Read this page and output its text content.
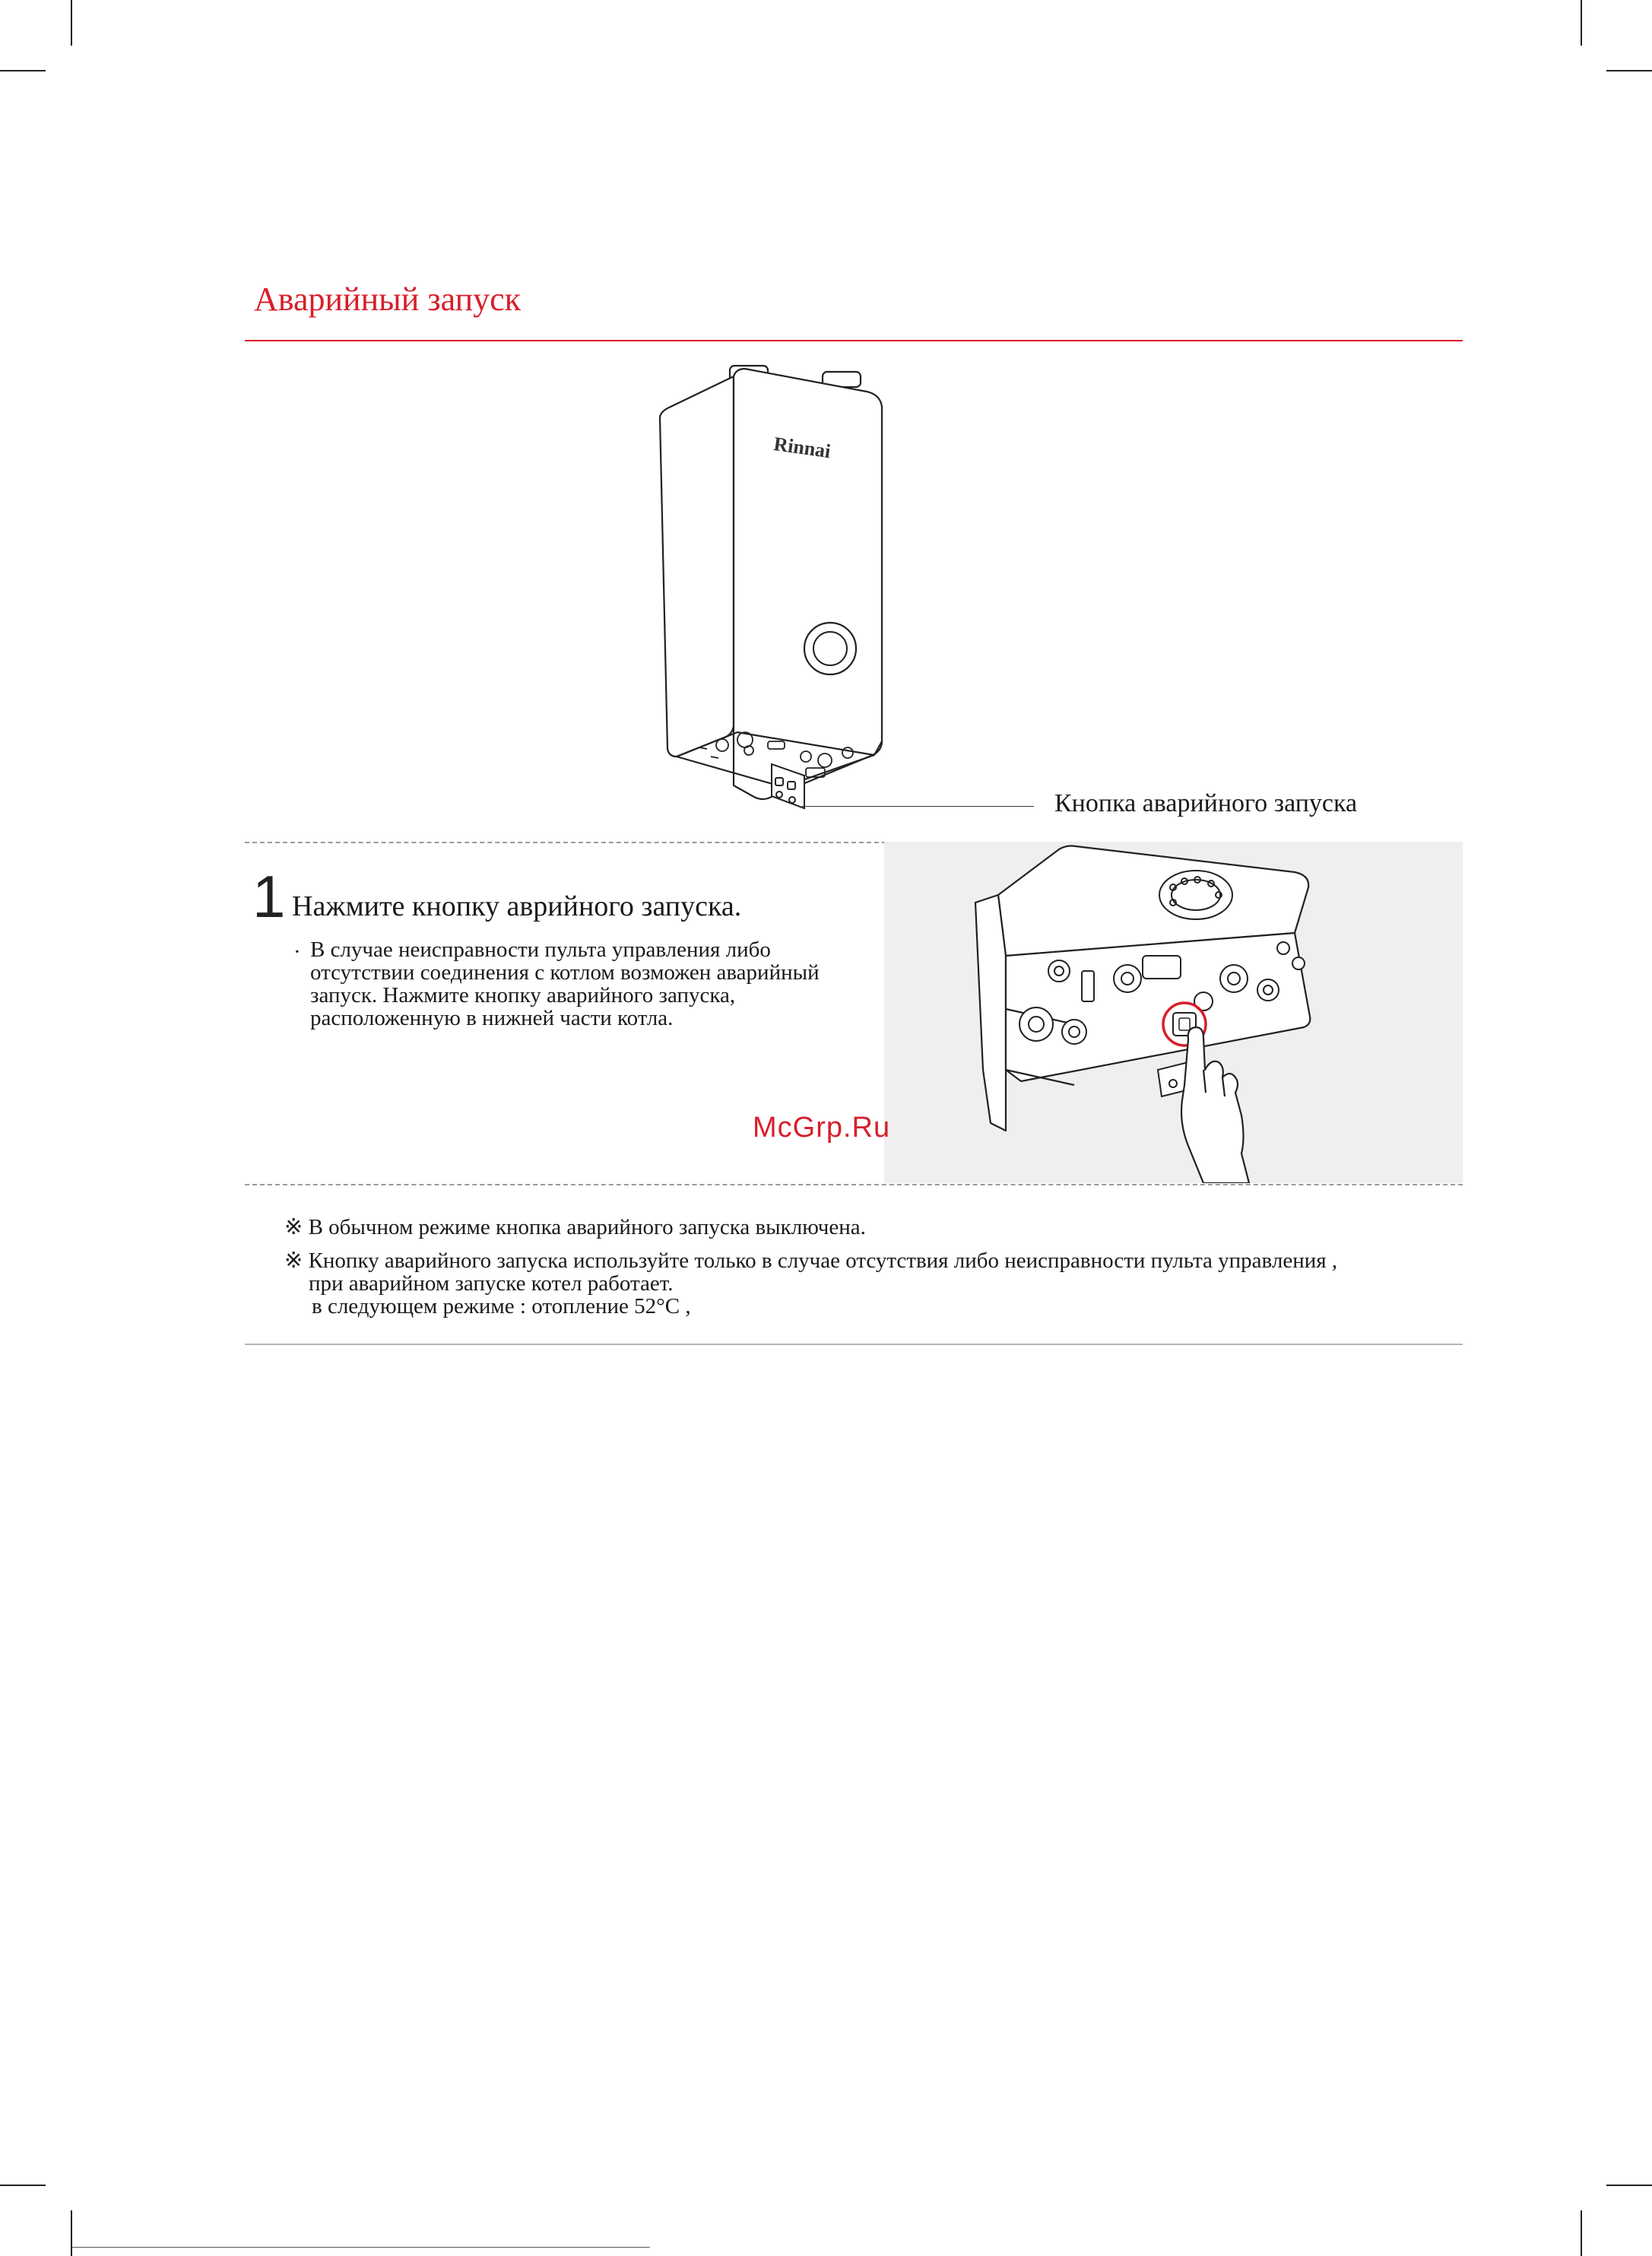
Аварийный запуск
Rinnai
Кнопка аварийного запуска
1 Нажмите кнопку аврийного запуска.
· В случае неисправности пульта управления либо отсутствии соединения с котлом возможен аварийный запуск. Нажмите кнопку аварийного запуска, расположенную в нижней части котла.
McGrp.Ru
※ В обычном режиме кнопка аварийного запуска выключена.
※ Кнопку аварийного запуска используйте только в случае отсутствия либо неисправности пульта управления ,
при аварийном запуске котел работает.
в следующем режиме : отопление 52°C ,
